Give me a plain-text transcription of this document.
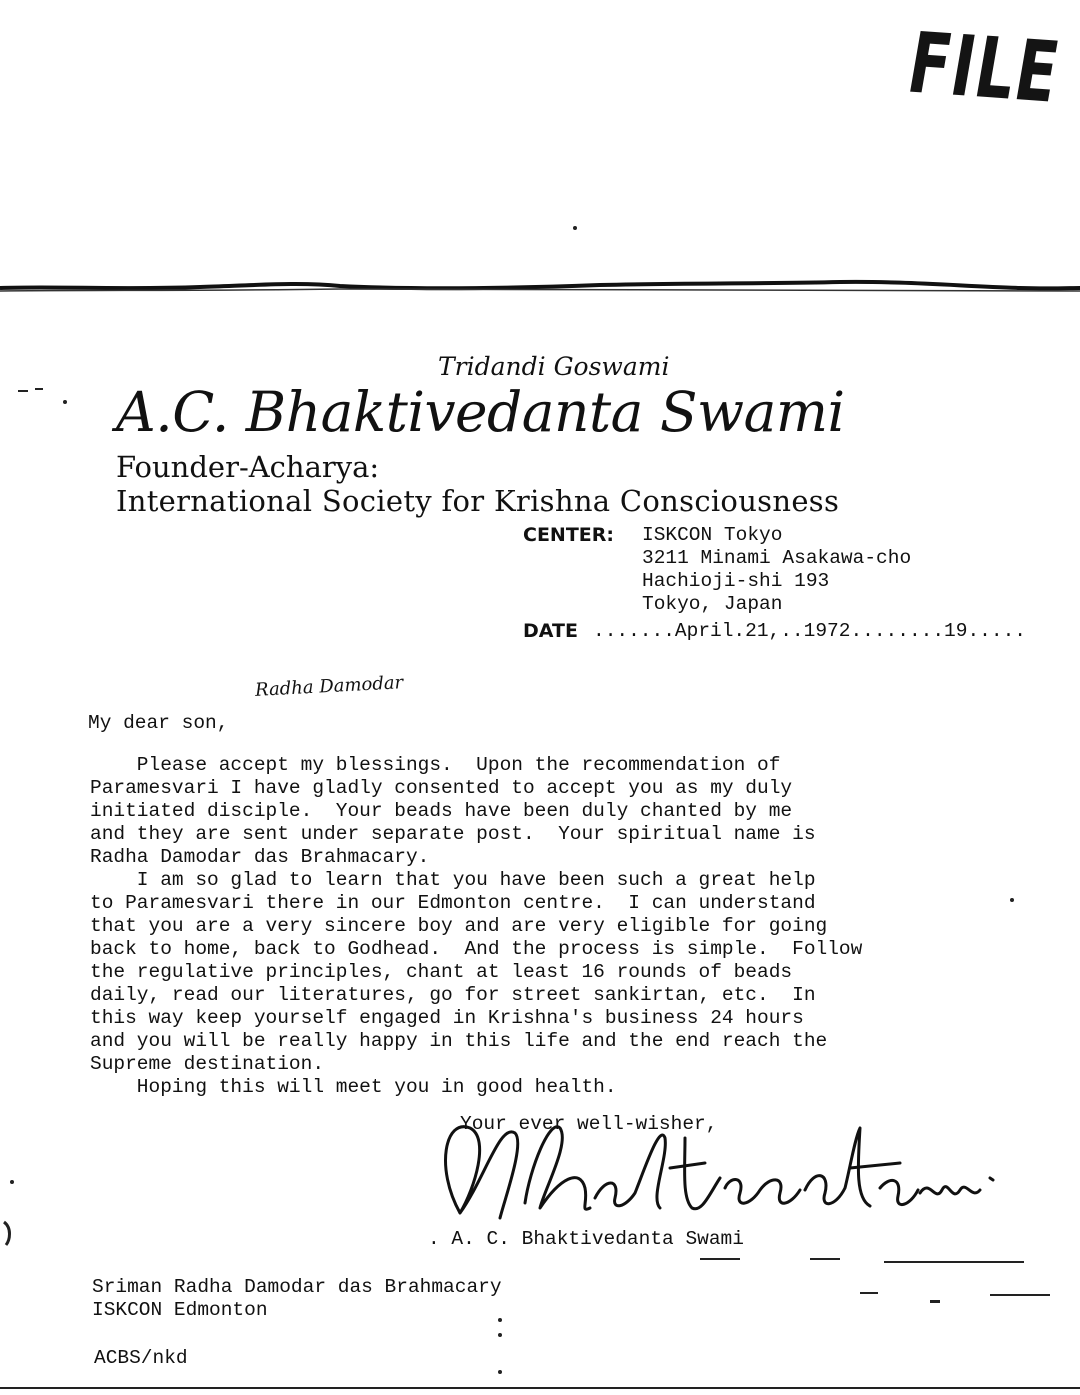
FILE
Tridandi Goswami
A.C. Bhaktivedanta Swami
Founder-Acharya:
International Society for Krishna Consciousness
CENTER: ISKCON Tokyo
3211 Minami Asakawa-cho
Hachioji-shi 193
Tokyo, Japan
DATE .......April.21,..1972........19.....
Radha Damodar
My dear son,
Please accept my blessings.  Upon the recommendation of
Paramesvari I have gladly consented to accept you as my duly
initiated disciple.  Your beads have been duly chanted by me
and they are sent under separate post.  Your spiritual name is
Radha Damodar das Brahmacary.
I am so glad to learn that you have been such a great help
to Paramesvari there in our Edmonton centre.  I can understand
that you are a very sincere boy and are very eligible for going
back to home, back to Godhead.  And the process is simple.  Follow
the regulative principles, chant at least 16 rounds of beads
daily, read our literatures, go for street sankirtan, etc.  In
this way keep yourself engaged in Krishna's business 24 hours
and you will be really happy in this life and the end reach the
Supreme destination.
Hoping this will meet you in good health.
Your ever well-wisher,
. A. C. Bhaktivedanta Swami
Sriman Radha Damodar das Brahmacary
ISKCON Edmonton
ACBS/nkd
